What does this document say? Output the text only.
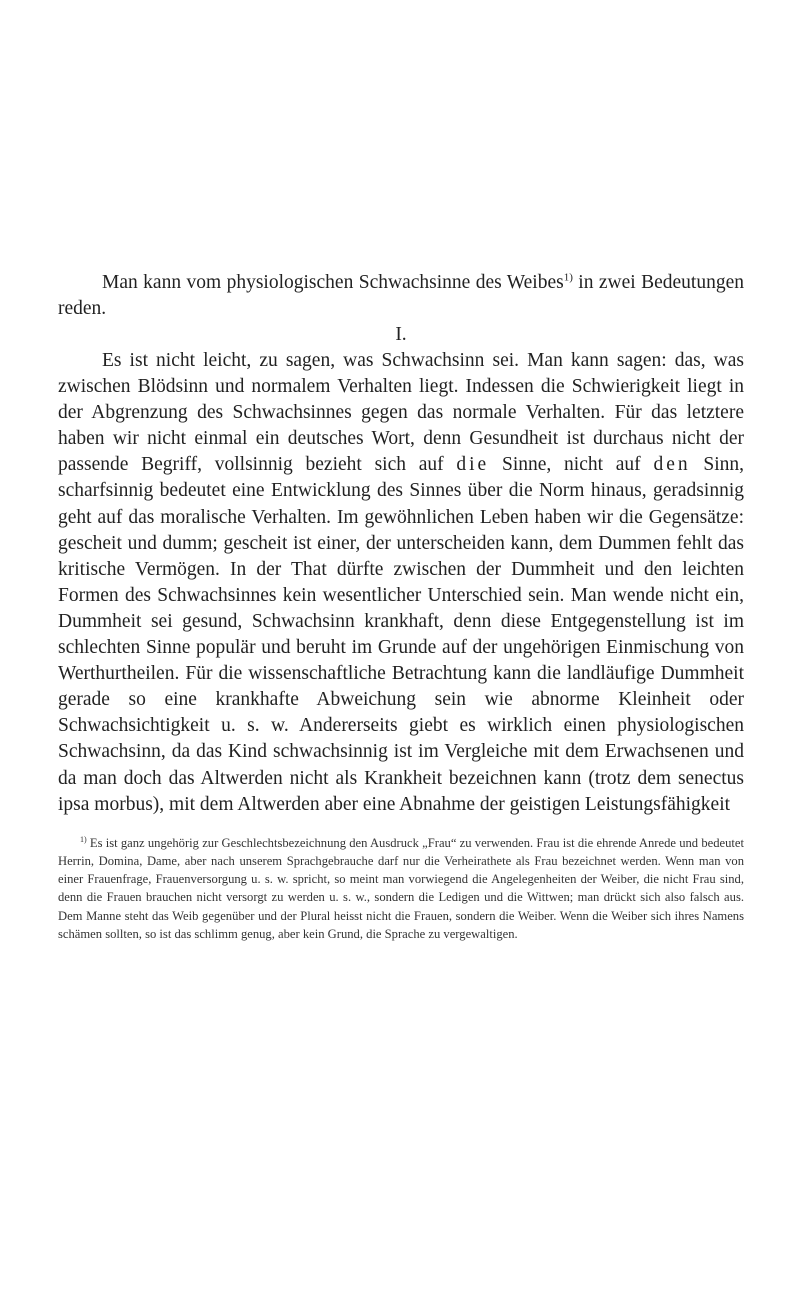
Man kann vom physiologischen Schwachsinne des Weibes$^{1)}$ in zwei Bedeutungen reden.

I.

Es ist nicht leicht, zu sagen, was Schwachsinn sei. Man kann sagen: das, was zwischen Blödsinn und normalem Verhalten liegt. Indessen die Schwierigkeit liegt in der Abgrenzung des Schwachsinnes gegen das normale Verhalten. Für das letztere haben wir nicht einmal ein deutsches Wort, denn Gesundheit ist durchaus nicht der passende Begriff, vollsinnig bezieht sich auf die Sinne, nicht auf den Sinn, scharfsinnig bedeutet eine Entwicklung des Sinnes über die Norm hinaus, geradsinnig geht auf das moralische Verhalten. Im gewöhnlichen Leben haben wir die Gegensätze: gescheit und dumm; gescheit ist einer, der unterscheiden kann, dem Dummen fehlt das kritische Vermögen. In der That dürfte zwischen der Dummheit und den leichten Formen des Schwachsinnes kein wesentlicher Unterschied sein. Man wende nicht ein, Dummheit sei gesund, Schwachsinn krankhaft, denn diese Entgegenstellung ist im schlechten Sinne populär und beruht im Grunde auf der ungehörigen Einmischung von Werthurtheilen. Für die wissenschaftliche Betrachtung kann die landläufige Dummheit gerade so eine krankhafte Abweichung sein wie abnorme Kleinheit oder Schwachsichtigkeit u. s. w. Andererseits giebt es wirklich einen physiologischen Schwachsinn, da das Kind schwachsinnig ist im Vergleiche mit dem Erwachsenen und da man doch das Altwerden nicht als Krankheit bezeichnen kann (trotz dem senectus ipsa morbus), mit dem Altwerden aber eine Abnahme der geistigen Leistungsfähigkeit

$^{1)}$ Es ist ganz ungehörig zur Geschlechtsbezeichnung den Ausdruck „Frau“ zu verwenden. Frau ist die ehrende Anrede und bedeutet Herrin, Domina, Dame, aber nach unserem Sprachgebrauche darf nur die Verheirathete als Frau bezeichnet werden. Wenn man von einer Frauenfrage, Frauenversorgung u. s. w. spricht, so meint man vorwiegend die Angelegenheiten der Weiber, die nicht Frau sind, denn die Frauen brauchen nicht versorgt zu werden u. s. w., sondern die Ledigen und die Wittwen; man drückt sich also falsch aus. Dem Manne steht das Weib gegenüber und der Plural heisst nicht die Frauen, sondern die Weiber. Wenn die Weiber sich ihres Namens schämen sollten, so ist das schlimm genug, aber kein Grund, die Sprache zu vergewaltigen.
